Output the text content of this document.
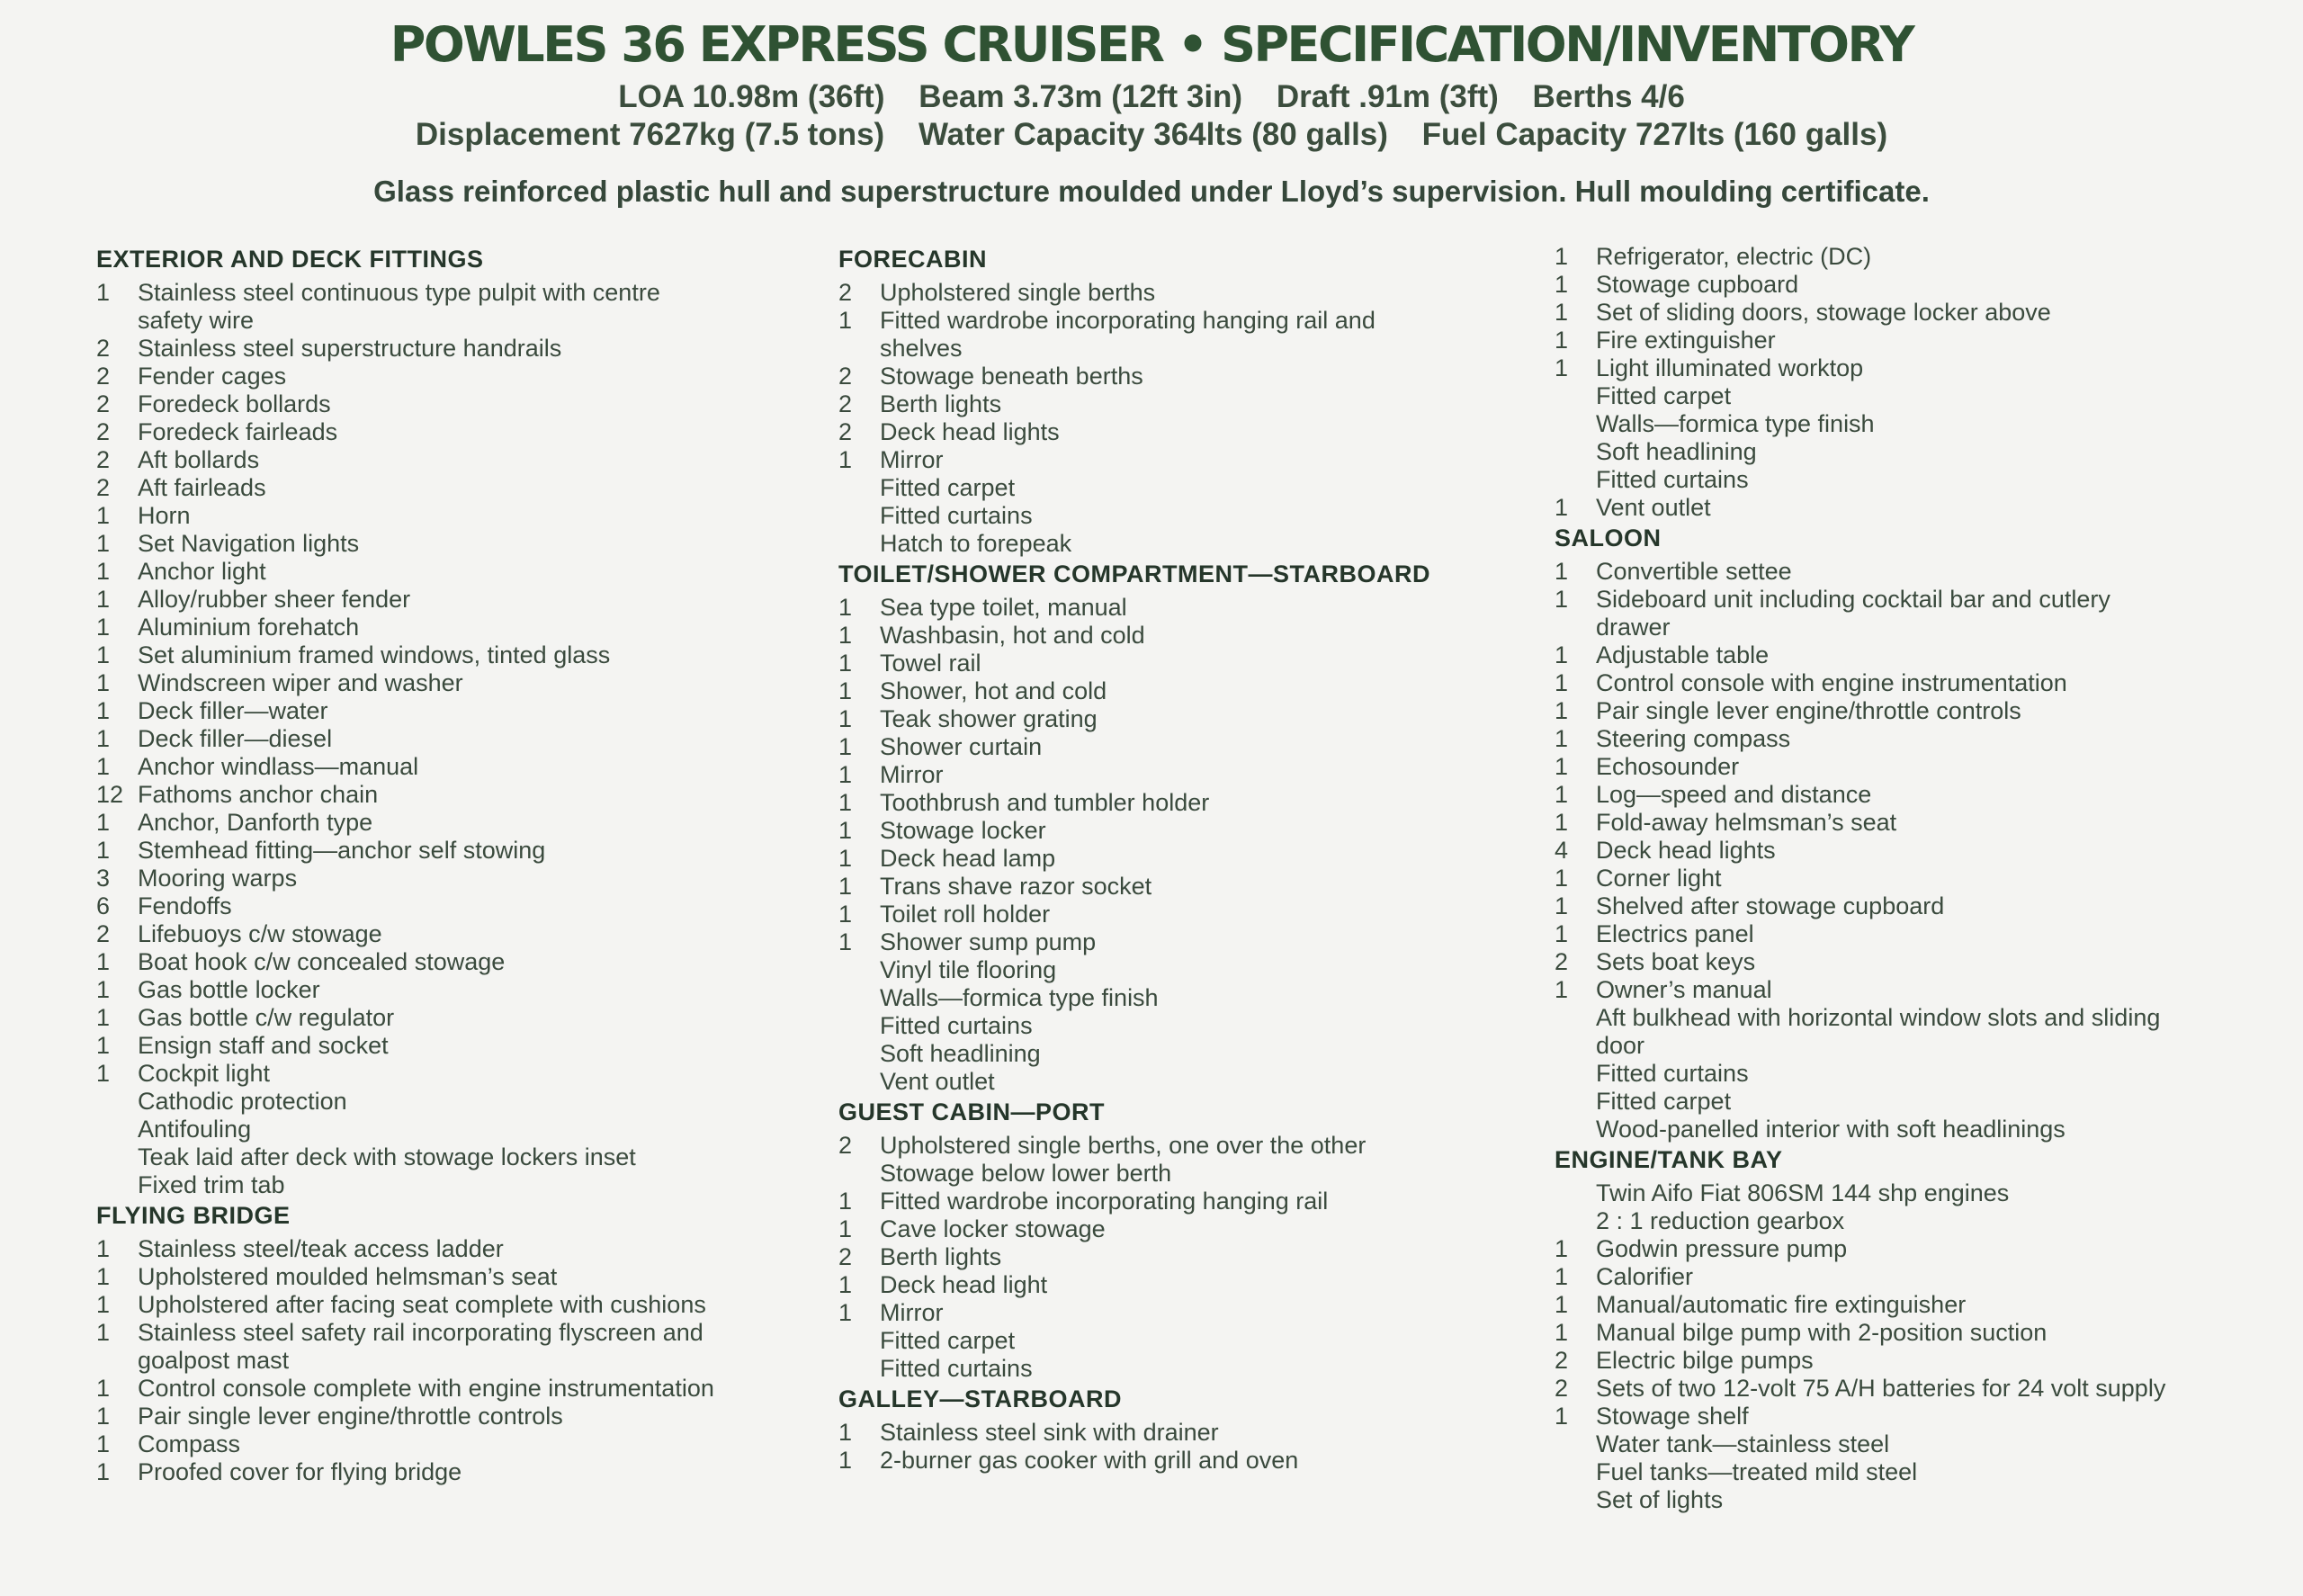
POWLES 36 EXPRESS CRUISER • SPECIFICATION/INVENTORY
LOA 10.98m (36ft) Beam 3.73m (12ft 3in) Draft .91m (3ft) Berths 4/6
Displacement 7627kg (7.5 tons) Water Capacity 364lts (80 galls) Fuel Capacity 727lts (160 galls)
Glass reinforced plastic hull and superstructure moulded under Lloyd’s supervision. Hull moulding certificate.
EXTERIOR AND DECK FITTINGS
1	Stainless steel continuous type pulpit with centre
safety wire
2	Stainless steel superstructure handrails
2	Fender cages
2	Foredeck bollards
2	Foredeck fairleads
2	Aft bollards
2	Aft fairleads
1	Horn
1	Set Navigation lights
1	Anchor light
1	Alloy/rubber sheer fender
1	Aluminium forehatch
1	Set aluminium framed windows, tinted glass
1	Windscreen wiper and washer
1	Deck filler—water
1	Deck filler—diesel
1	Anchor windlass—manual
12 Fathoms anchor chain
1	Anchor, Danforth type
1	Stemhead fitting—anchor self stowing
3	Mooring warps
6	Fendoffs
2	Lifebuoys c/w stowage
1	Boat hook c/w concealed stowage
1	Gas bottle locker
1	Gas bottle c/w regulator
1	Ensign staff and socket
1	Cockpit light
Cathodic protection
Antifouling
Teak laid after deck with stowage lockers inset
Fixed trim tab
FLYING BRIDGE
1	Stainless steel/teak access ladder
1	Upholstered moulded helmsman’s seat
1	Upholstered after facing seat complete with cushions
1	Stainless steel safety rail incorporating flyscreen and
goalpost mast
1	Control console complete with engine instrumentation
1	Pair single lever engine/throttle controls
1	Compass
1	Proofed cover for flying bridge
FORECABIN
2	Upholstered single berths
1	Fitted wardrobe incorporating hanging rail and
shelves
2	Stowage beneath berths
2	Berth lights
2	Deck head lights
1	Mirror
Fitted carpet
Fitted curtains
Hatch to forepeak
TOILET/SHOWER COMPARTMENT—STARBOARD
1	Sea type toilet, manual
1	Washbasin, hot and cold
1	Towel rail
1	Shower, hot and cold
1	Teak shower grating
1	Shower curtain
1	Mirror
1	Toothbrush and tumbler holder
1	Stowage locker
1	Deck head lamp
1	Trans shave razor socket
1	Toilet roll holder
1	Shower sump pump
Vinyl tile flooring
Walls—formica type finish
Fitted curtains
Soft headlining
Vent outlet
GUEST CABIN—PORT
2	Upholstered single berths, one over the other
Stowage below lower berth
1	Fitted wardrobe incorporating hanging rail
1	Cave locker stowage
2	Berth lights
1	Deck head light
1	Mirror
Fitted carpet
Fitted curtains
GALLEY—STARBOARD
1	Stainless steel sink with drainer
1	2-burner gas cooker with grill and oven
1	Refrigerator, electric (DC)
1	Stowage cupboard
1	Set of sliding doors, stowage locker above
1	Fire extinguisher
1	Light illuminated worktop
Fitted carpet
Walls—formica type finish
Soft headlining
Fitted curtains
1	Vent outlet
SALOON
1	Convertible settee
1	Sideboard unit including cocktail bar and cutlery
drawer
1	Adjustable table
1	Control console with engine instrumentation
1	Pair single lever engine/throttle controls
1	Steering compass
1	Echosounder
1	Log—speed and distance
1	Fold-away helmsman’s seat
4	Deck head lights
1	Corner light
1	Shelved after stowage cupboard
1	Electrics panel
2	Sets boat keys
1	Owner’s manual
Aft bulkhead with horizontal window slots and sliding
door
Fitted curtains
Fitted carpet
Wood-panelled interior with soft headlinings
ENGINE/TANK BAY
Twin Aifo Fiat 806SM 144 shp engines
2 : 1 reduction gearbox
1	Godwin pressure pump
1	Calorifier
1	Manual/automatic fire extinguisher
1	Manual bilge pump with 2-position suction
2	Electric bilge pumps
2	Sets of two 12-volt 75 A/H batteries for 24 volt supply
1	Stowage shelf
Water tank—stainless steel
Fuel tanks—treated mild steel
Set of lights
